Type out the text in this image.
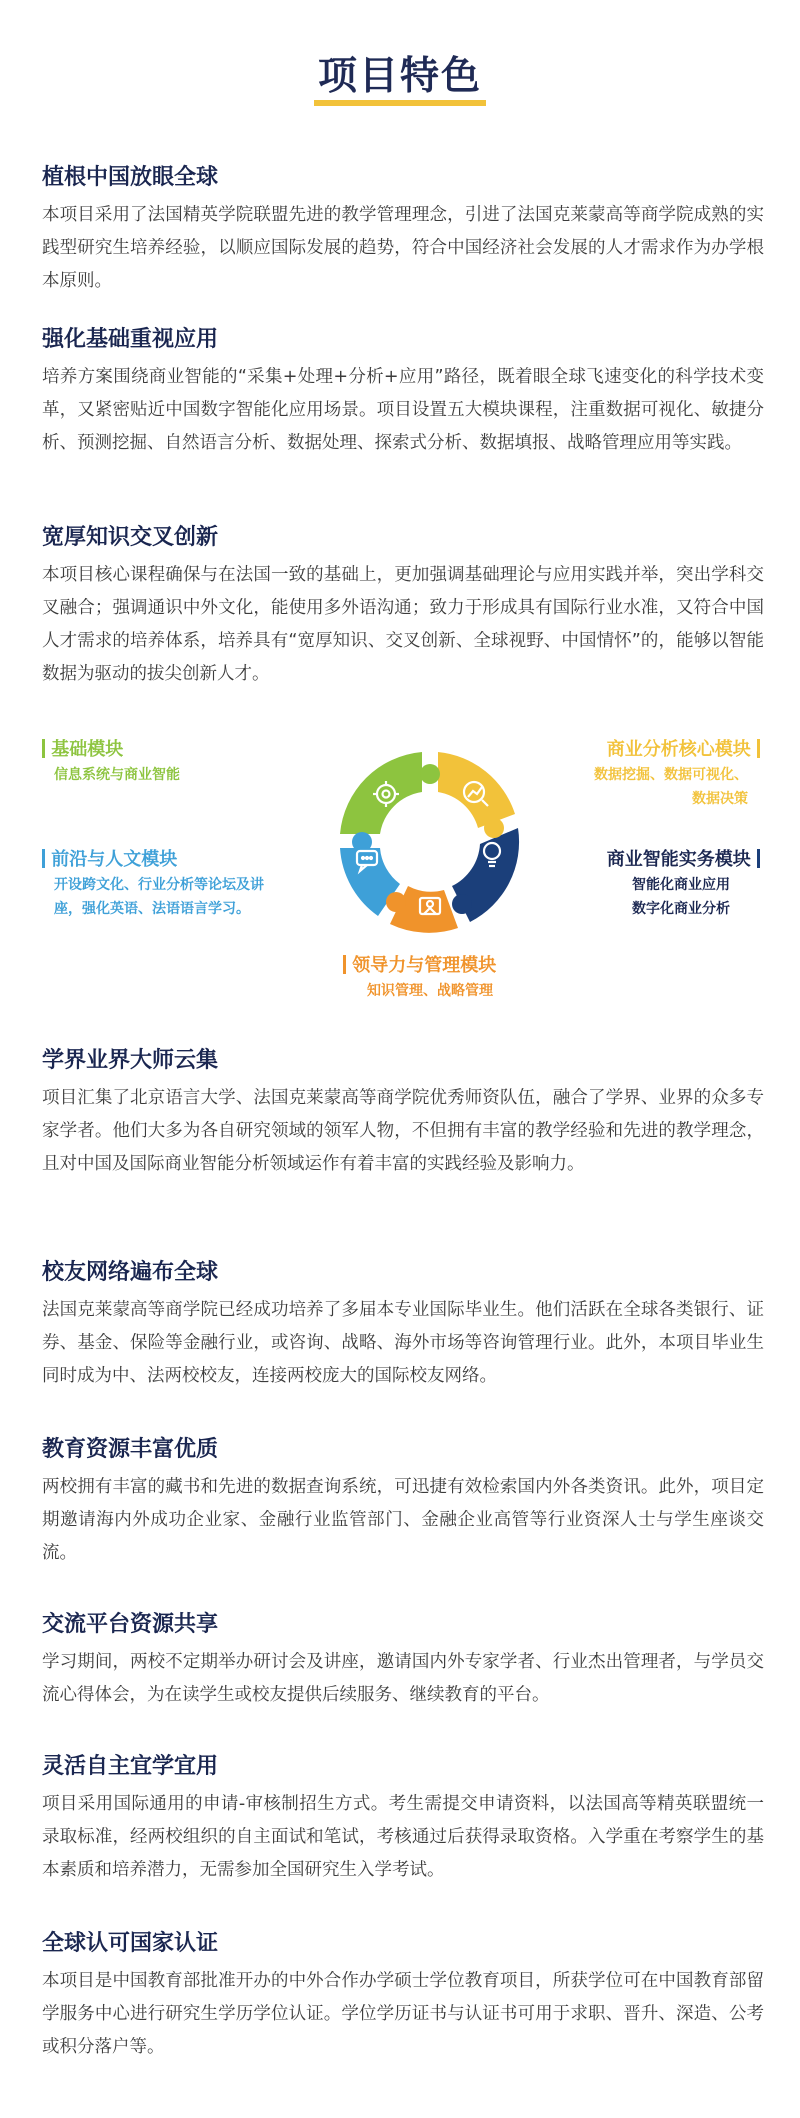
项目特色
植根中国放眼全球

本项目采用了法国精英学院联盟先进的教学管理理念，引进了法国克莱蒙高等商学院成熟的实践型研究生培养经验，以顺应国际发展的趋势，符合中国经济社会发展的人才需求作为办学根本原则。

强化基础重视应用

培养方案围绕商业智能的“采集+处理+分析+应用”路径，既着眼全球飞速变化的科学技术变革，又紧密贴近中国数字智能化应用场景。项目设置五大模块课程，注重数据可视化、敏捷分析、预测挖掘、自然语言分析、数据处理、探索式分析、数据填报、战略管理应用等实践。

宽厚知识交叉创新

本项目核心课程确保与在法国一致的基础上，更加强调基础理论与应用实践并举，突出学科交叉融合；强调通识中外文化，能使用多外语沟通；致力于形成具有国际行业水准，又符合中国人才需求的培养体系，培养具有“宽厚知识、交叉创新、全球视野、中国情怀”的，能够以智能数据为驱动的拔尖创新人才。

基础模块
信息系统与商业智能
前沿与人文模块
开设跨文化、行业分析等论坛及讲
座，强化英语、法语语言学习。
商业分析核心模块
数据挖掘、数据可视化、
数据决策
商业智能实务模块
智能化商业应用
数字化商业分析
领导力与管理模块
知识管理、战略管理
学界业界大师云集

项目汇集了北京语言大学、法国克莱蒙高等商学院优秀师资队伍，融合了学界、业界的众多专家学者。他们大多为各自研究领域的领军人物，不但拥有丰富的教学经验和先进的教学理念，且对中国及国际商业智能分析领域运作有着丰富的实践经验及影响力。

校友网络遍布全球

法国克莱蒙高等商学院已经成功培养了多届本专业国际毕业生。他们活跃在全球各类银行、证券、基金、保险等金融行业，或咨询、战略、海外市场等咨询管理行业。此外，本项目毕业生同时成为中、法两校校友，连接两校庞大的国际校友网络。

教育资源丰富优质

两校拥有丰富的藏书和先进的数据查询系统，可迅捷有效检索国内外各类资讯。此外，项目定期邀请海内外成功企业家、金融行业监管部门、金融企业高管等行业资深人士与学生座谈交流。

交流平台资源共享

学习期间，两校不定期举办研讨会及讲座，邀请国内外专家学者、行业杰出管理者，与学员交流心得体会，为在读学生或校友提供后续服务、继续教育的平台。

灵活自主宜学宜用

项目采用国际通用的申请-审核制招生方式。考生需提交申请资料，以法国高等精英联盟统一录取标准，经两校组织的自主面试和笔试，考核通过后获得录取资格。入学重在考察学生的基本素质和培养潜力，无需参加全国研究生入学考试。

全球认可国家认证

本项目是中国教育部批准开办的中外合作办学硕士学位教育项目，所获学位可在中国教育部留学服务中心进行研究生学历学位认证。学位学历证书与认证书可用于求职、晋升、深造、公考或积分落户等。
